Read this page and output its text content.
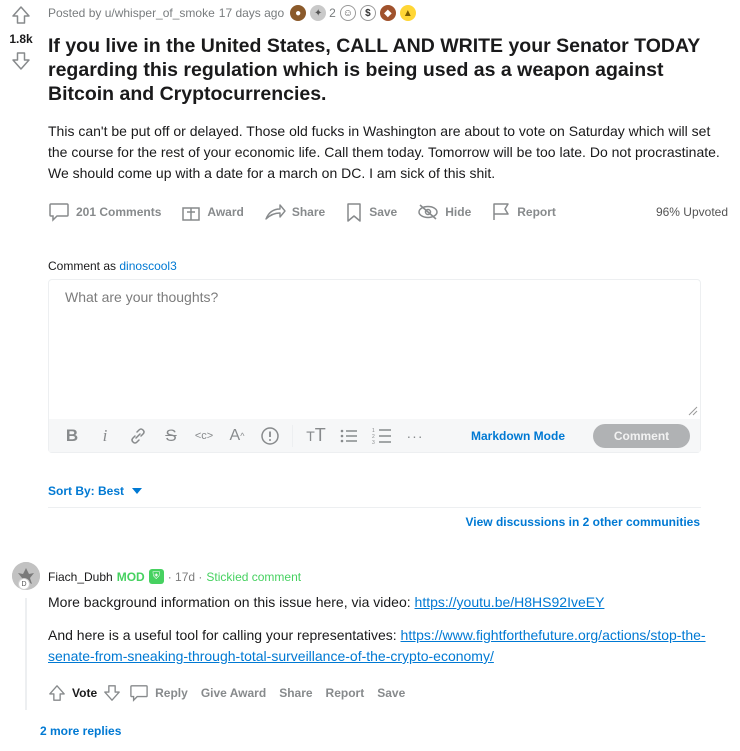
1.8k
Posted by u/whisper_of_smoke 17 days ago	●	✦ 2 ☺	$	◆	▲
If you live in the United States, CALL AND WRITE your Senator TODAY regarding this regulation which is being used as a weapon against Bitcoin and Cryptocurrencies.

This can't be put off or delayed. Those old fucks in Washington are about to vote on Saturday which will set the course for the rest of your economic life. Call them today. Tomorrow will be too late. Do not procrastinate. We should come up with a date for a march on DC. I am sick of this shit.

201 Comments	Award	Share	Save	Hide	Report	96% Upvoted
Comment as dinoscool3
What are your thoughts?
B	i	S	<c> A ^	T T	1
2
3 ···	Markdown Mode	Comment
Sort By: Best
View discussions in 2 other communities
D
Fiach_Dubh MOD ⛨ · 17d · Stickied comment

More background information on this issue here, via video: https://youtu.be/H8HS92IveEY

And here is a useful tool for calling your representatives: https://www.fightforthefuture.org/actions/stop-the-senate-from-sneaking-through-total-surveillance-of-the-crypto-economy/

Vote	Reply Give Award Share Report Save
2 more replies
